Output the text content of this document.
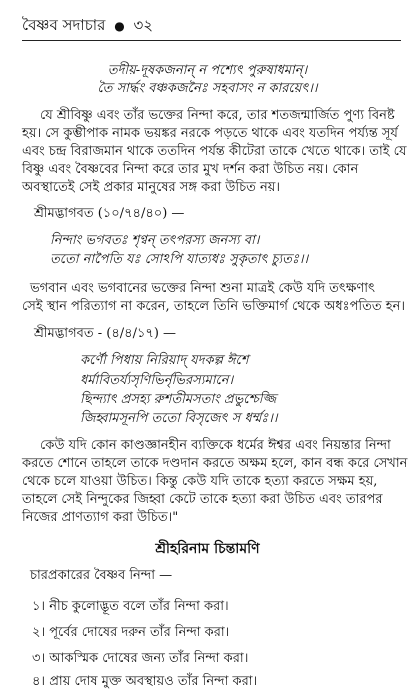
বৈষ্ণব সদাচার ● ৩২
তদীয়-দূষকজনান্ ন পশ্যেৎ পুরুষাধমান্।
তৈ সার্দ্ধং বঞ্চকজনৈঃ সহবাসং ন কারয়েৎ।।
যে শ্রীবিষ্ণু এবং তাঁর ভক্তের নিন্দা করে, তার শতজন্মার্জিত পুণ্য বিনষ্ট
হয়। সে কুম্ভীপাক নামক ভয়ঙ্কর নরকে পড়তে থাকে এবং যতদিন পর্য্যন্ত সূর্য
এবং চন্দ্র বিরাজমান থাকে ততদিন পর্যন্ত কীটেরা তাকে খেতে থাকে। তাই যে
বিষ্ণু এবং বৈষ্ণবের নিন্দা করে তার মুখ দর্শন করা উচিত নয়। কোন
অবস্থাতেই সেই প্রকার মানুষের সঙ্গ করা উচিত নয়।
শ্রীমদ্ভাগবত (১০/৭৪/৪০) —
নিন্দাং ভগবতঃ শৃণ্বন্ তৎপরস্য জনস্য বা।
ততো নাপৈতি যঃ সোঽপি যাত্যধঃ সুকৃতাৎ চ্যুতঃ।।
ভগবান এবং ভগবানের ভক্তের নিন্দা শুনা মাত্রই কেউ যদি তৎক্ষণাৎ
সেই স্থান পরিত্যাগ না করেন, তাহলে তিনি ভক্তিমার্গ থেকে অধঃপতিত হন।
শ্রীমদ্ভাগবত - (৪/৪/১৭) —
কর্ণৌ পিধায় নিরিয়াদ্ যদকল্প ঈশে
ধর্মাবিতর্য্যসৃণিভির্নৃভিরস্যমানে।
ছিন্দ্যাৎ প্রসহ্য রুশতীমসতাং প্রভুশ্চেজ্জি
জিহ্বামসূনপি ততো বিসৃজেৎ স ধর্ম্মঃ।।
কেউ যদি কোন কাণ্ডজ্ঞানহীন ব্যক্তিকে ধর্মের ঈশ্বর এবং নিয়ন্তার নিন্দা
করতে শোনে তাহলে তাকে দণ্ডদান করতে অক্ষম হলে, কান বন্ধ করে সেখান
থেকে চলে যাওয়া উচিত। কিন্তু কেউ যদি তাকে হত্যা করতে সক্ষম হয়,
তাহলে সেই নিন্দুকের জিহ্বা কেটে তাকে হত্যা করা উচিত এবং তারপর
নিজের প্রাণত্যাগ করা উচিত।"
শ্রীহরিনাম চিন্তামণি
চারপ্রকারের বৈষ্ণব নিন্দা —
১। নীচ কুলোদ্ভূত বলে তাঁর নিন্দা করা।
২। পূর্বের দোষের দরুন তাঁর নিন্দা করা।
৩। আকস্মিক দোষের জন্য তাঁর নিন্দা করা।
৪। প্রায় দোষ মুক্ত অবস্থায়ও তাঁর নিন্দা করা।
